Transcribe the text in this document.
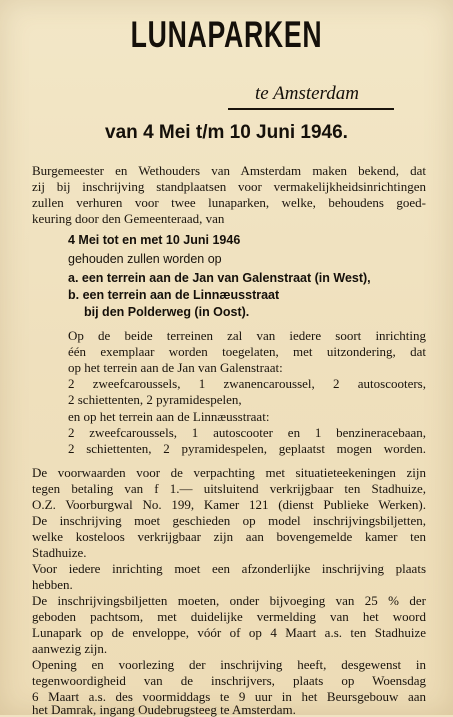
LUNAPARKEN
te Amsterdam
van 4 Mei t/m 10 Juni 1946.
Burgemeester en Wethouders van Amsterdam maken bekend, dat
zij bij inschrijving standplaatsen voor vermakelijkheidsinrichtingen
zullen verhuren voor twee lunaparken, welke, behoudens goed-
keuring door den Gemeenteraad, van
4 Mei tot en met 10 Juni 1946
gehouden zullen worden op
a. een terrein aan de Jan van Galenstraat (in West),
b. een terrein aan de Linnæusstraat
bij den Polderweg (in Oost).
Op de beide terreinen zal van iedere soort inrichting
één exemplaar worden toegelaten, met uitzondering, dat
op het terrein aan de Jan van Galenstraat:
2 zweefcaroussels, 1 zwanencaroussel, 2 autoscooters,
2 schiettenten, 2 pyramidespelen,
en op het terrein aan de Linnæusstraat:
2 zweefcaroussels, 1 autoscooter en 1 benzineracebaan,
2 schiettenten, 2 pyramidespelen, geplaatst mogen worden.
De voorwaarden voor de verpachting met situatieteekeningen zijn
tegen betaling van f 1.— uitsluitend verkrijgbaar ten Stadhuize,
O.Z. Voorburgwal No. 199, Kamer 121 (dienst Publieke Werken).
De inschrijving moet geschieden op model inschrijvingsbiljetten,
welke kosteloos verkrijgbaar zijn aan bovengemelde kamer ten
Stadhuize.
Voor iedere inrichting moet een afzonderlijke inschrijving plaats
hebben.
De inschrijvingsbiljetten moeten, onder bijvoeging van 25 % der
geboden pachtsom, met duidelijke vermelding van het woord
Lunapark op de enveloppe, vóór of op 4 Maart a.s. ten Stadhuize
aanwezig zijn.
Opening en voorlezing der inschrijving heeft, desgewenst in
tegenwoordigheid van de inschrijvers, plaats op Woensdag
6 Maart a.s. des voormiddags te 9 uur in het Beursgebouw aan
het Damrak, ingang Oudebrugsteeg te Amsterdam.
